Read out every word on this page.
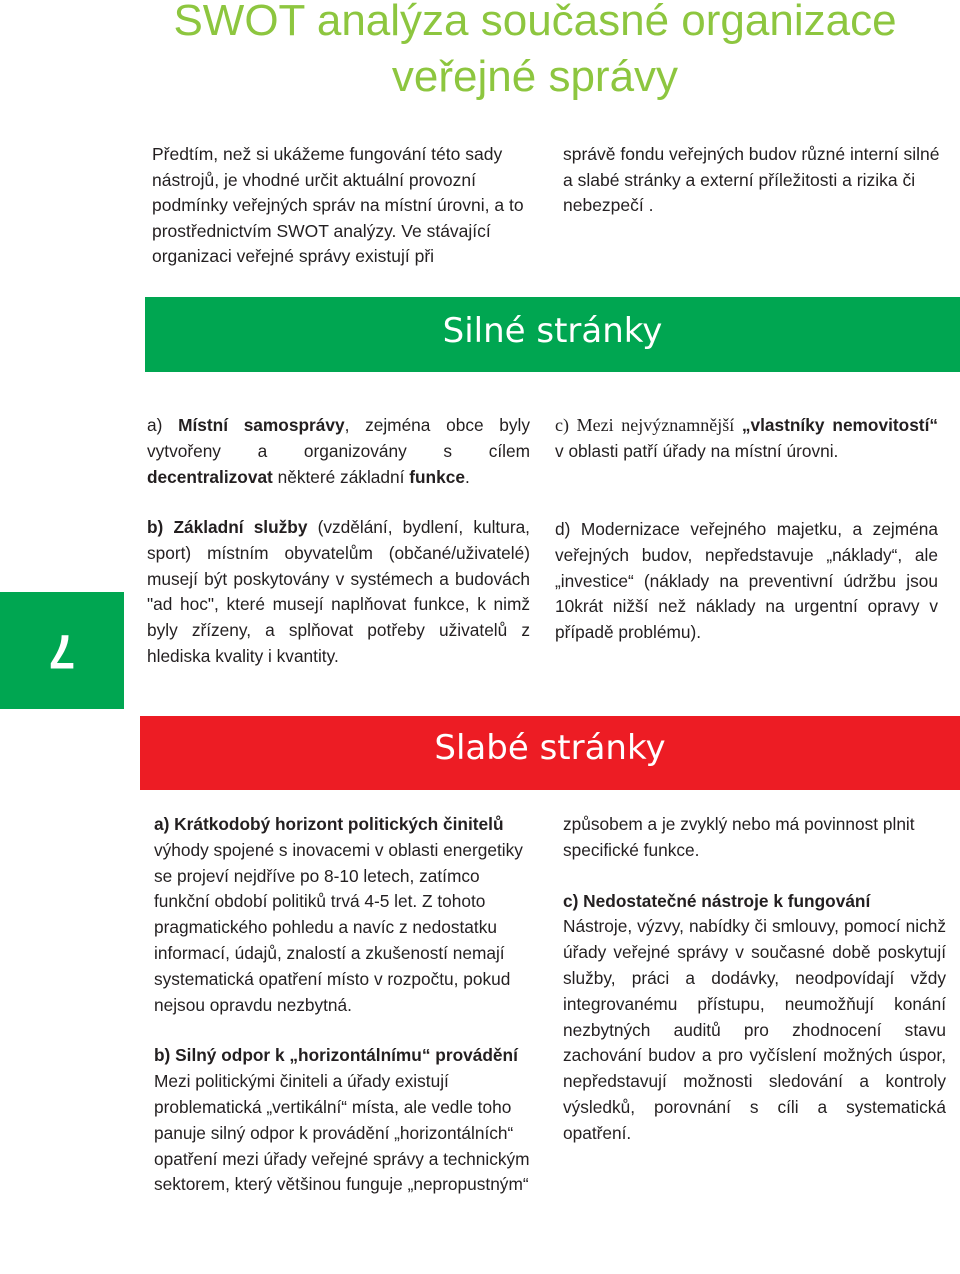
SWOT analýza současné organizace
veřejné správy
Předtím, než si ukážeme fungování této sady nástrojů, je vhodné určit aktuální provozní podmínky veřejných správ na místní úrovni, a to prostřednictvím SWOT analýzy. Ve stávající organizaci veřejné správy existují při
správě fondu veřejných budov různé interní silné a slabé stránky a externí příležitosti a rizika či nebezpečí .
Silné stránky
7

a) Místní samosprávy, zejména obce byly vytvořeny a organizovány s cílem decentralizovat některé základní funkce.

b) Základní služby (vzdělání, bydlení, kultura, sport) místním obyvatelům (občané/uživatelé) musejí být poskytovány v systémech a budovách "ad hoc", které musejí naplňovat funkce, k nimž byly zřízeny, a splňovat potřeby uživatelů z hlediska kvality i kvantity.

c) Mezi nejvýznamnější „vlastníky nemovitostí“ v oblasti patří úřady na místní úrovni.

d) Modernizace veřejného majetku, a zejména veřejných budov, nepředstavuje „náklady“, ale „investice“ (náklady na preventivní údržbu jsou 10krát nižší než náklady na urgentní opravy v případě problému).

Slabé stránky

a) Krátkodobý horizont politických činitelů

výhody spojené s inovacemi v oblasti energetiky se projeví nejdříve po 8-10 letech, zatímco funkční období politiků trvá 4-5 let. Z tohoto pragmatického pohledu a navíc z nedostatku informací, údajů, znalostí a zkušeností nemají systematická opatření místo v rozpočtu, pokud nejsou opravdu nezbytná.

b) Silný odpor k „horizontálnímu“ provádění

Mezi politickými činiteli a úřady existují problematická „vertikální“ místa, ale vedle toho panuje silný odpor k provádění „horizontálních“ opatření mezi úřady veřejné správy a technickým sektorem, který většinou funguje „nepropustným“

způsobem a je zvyklý nebo má povinnost plnit specifické funkce.

c) Nedostatečné nástroje k fungování

Nástroje, výzvy, nabídky či smlouvy, pomocí nichž úřady veřejné správy v současné době poskytují služby, práci a dodávky, neodpovídají vždy integrovanému přístupu, neumožňují konání nezbytných auditů pro zhodnocení stavu zachování budov a pro vyčíslení možných úspor, nepředstavují možnosti sledování a kontroly výsledků, porovnání s cíli a systematická opatření.
